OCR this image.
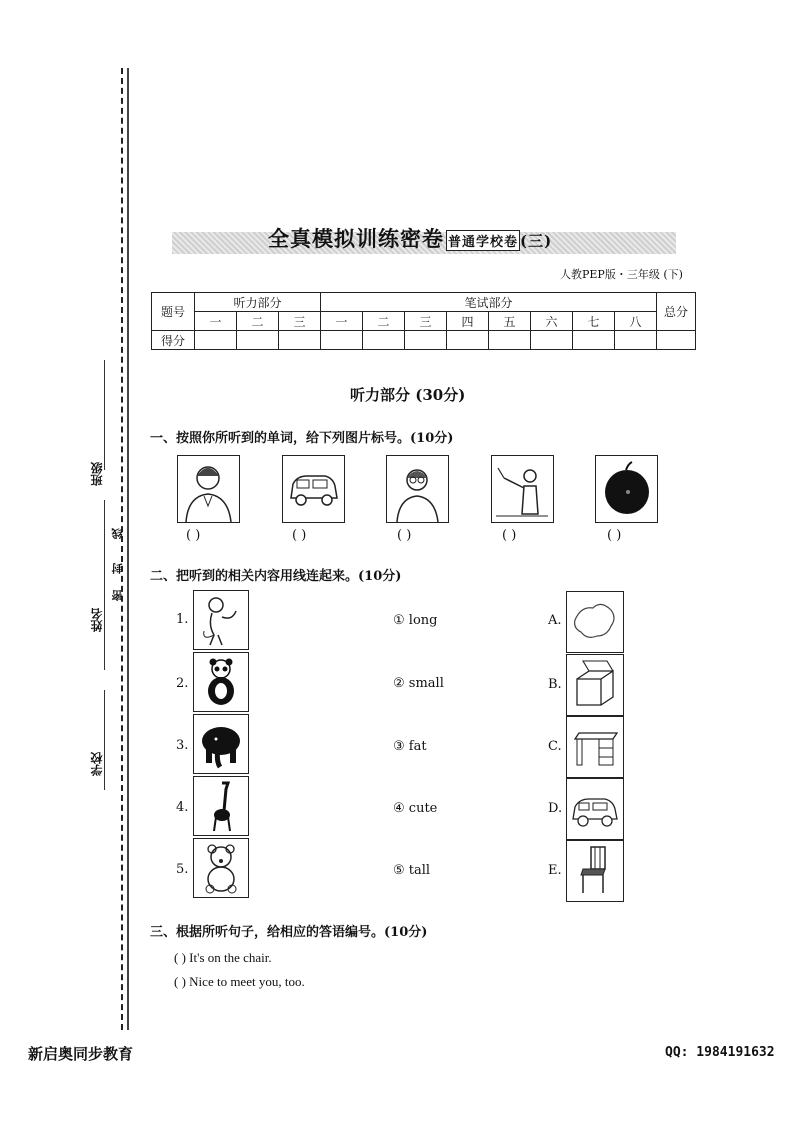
班级
线
封
密
姓名
学校
全真模拟训练密卷 普通学校卷 (三)
人教PEP版・三年级 (下)
题号	听力部分			笔试部分								总分
	一	二	三	一	二	三	四	五	六	七	八	
得分												
听力部分 (30分)
一、按照你所听到的单词，给下列图片标号。(10分)
( )	( )	( )	( )	( )
二、把听到的相关内容用线连起来。(10分)
1.	① long	A.
2.	② small	B.
3.	③ fat	C.
4.	④ cute	D.
5.	⑤ tall	E.
三、根据所听句子，给相应的答语编号。(10分)
( ) It's on the chair.
( ) Nice to meet you, too.
新启奥同步教育	QQ: 1984191632
